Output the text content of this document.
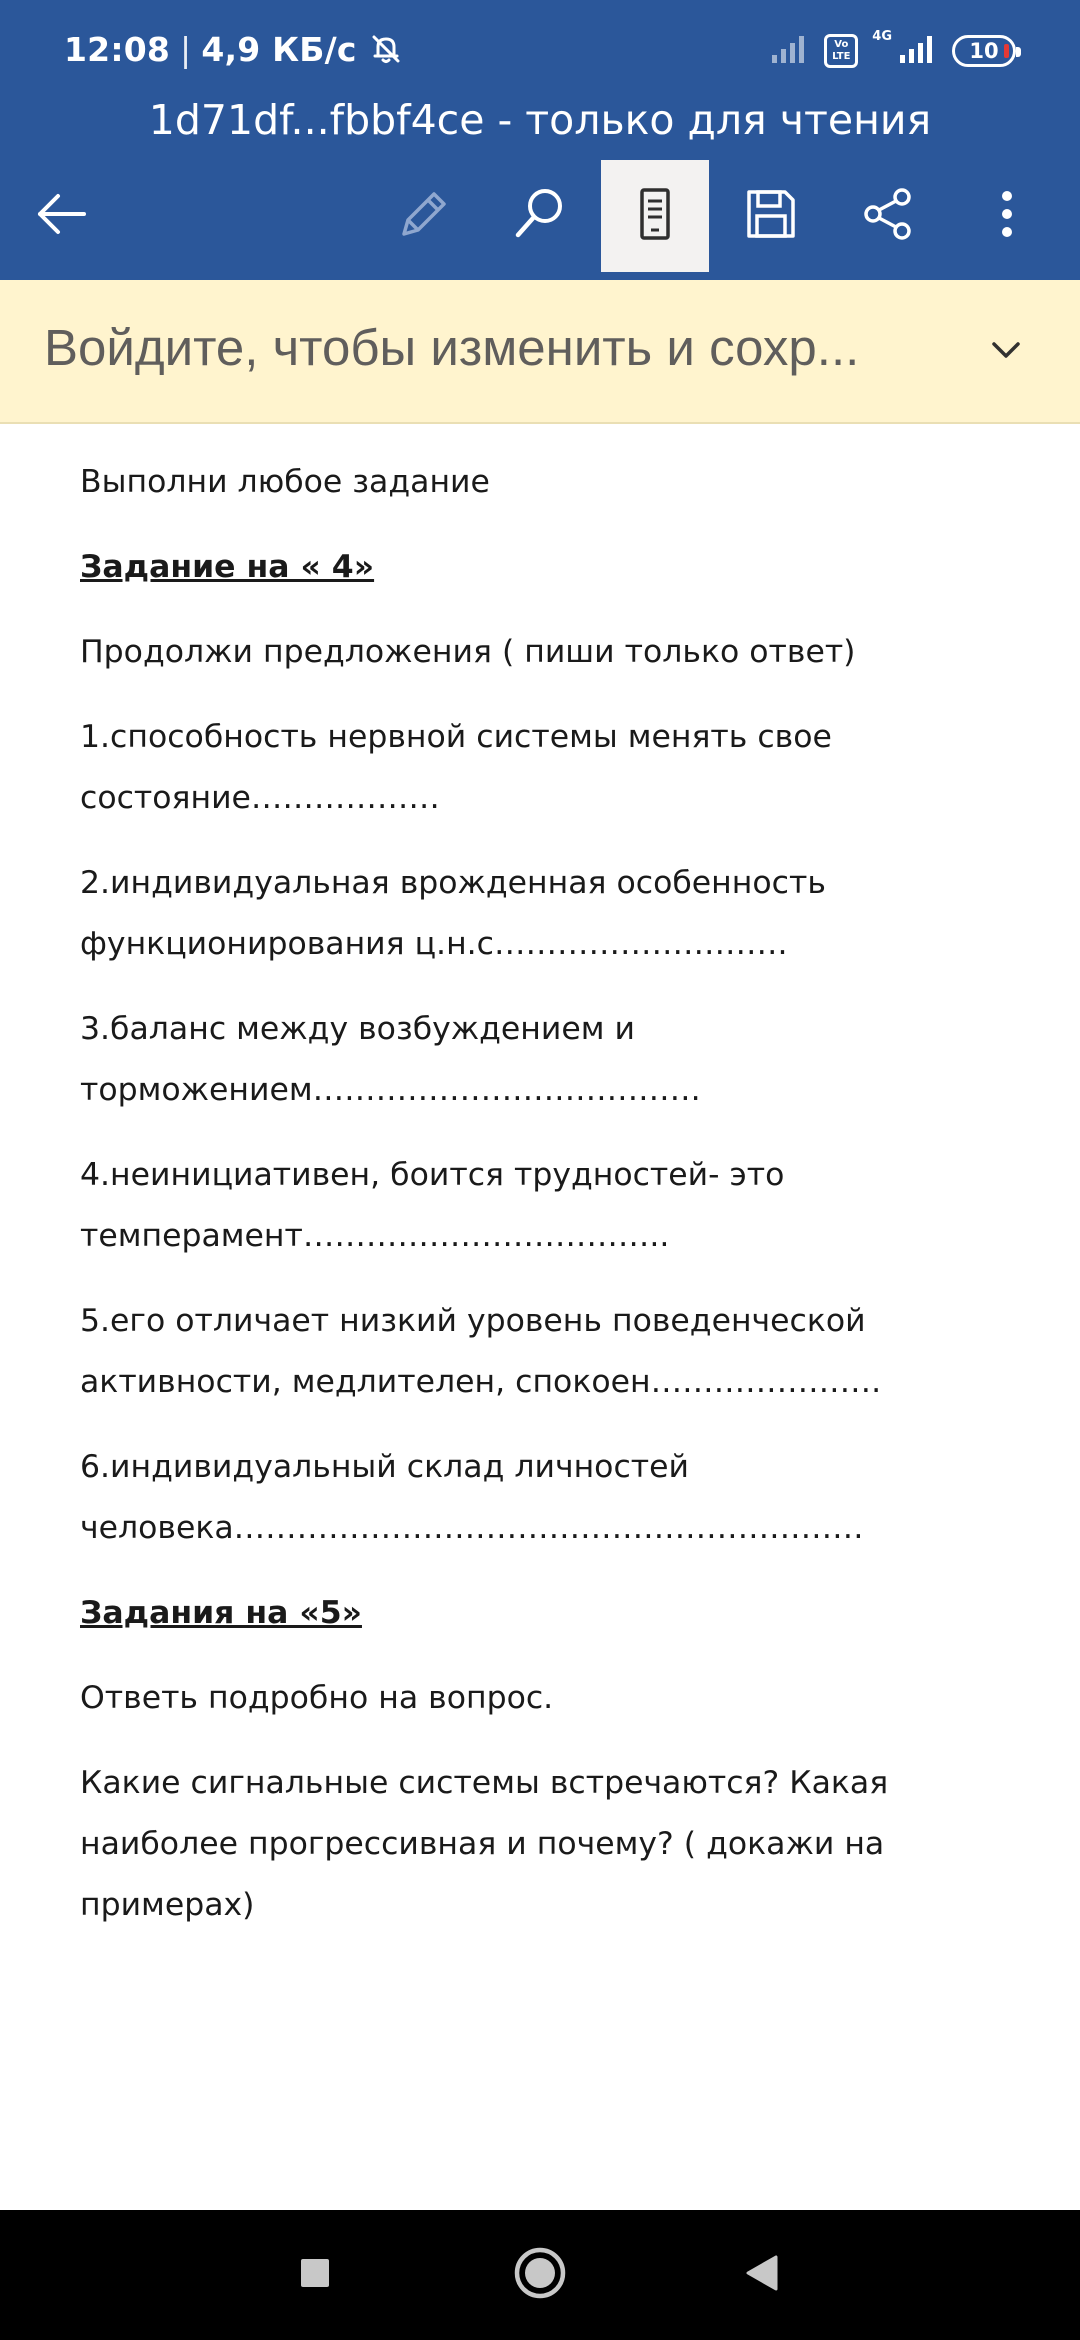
12:08 | 4,9 КБ/с	Vo LTE
4G
10
1d71df...fbbf4ce - только для чтения
Войдите, чтобы изменить и сохр...

Выполни любое задание

Задание на « 4»

Продолжи предложения ( пиши только ответ)

1.способность нервной системы менять свое
состояние………………

2.индивидуальная врожденная особенность
функционирования ц.н.с……………………….

3.баланс между возбуждением и
торможением……………………………….

4.неинициативен, боится трудностей- это
темперамент……………………………..

5.его отличает низкий уровень поведенческой
активности, медлителен, спокоен………………….

6.индивидуальный склад личностей
человека……………………………………………………

Задания на «5»

Ответь подробно на вопрос.

Какие сигнальные системы встречаются? Какая
наиболее прогрессивная и почему? ( докажи на
примерах)
